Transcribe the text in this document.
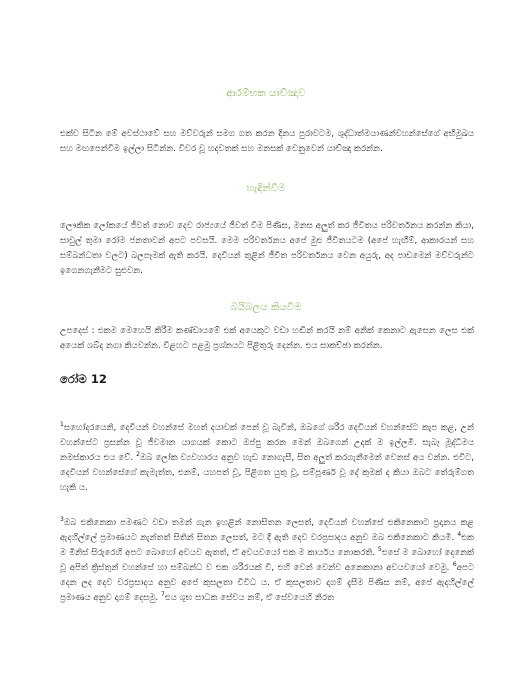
ආරම්භක යාච්ඤාව
එක්ව සිටින මේ අවස්ථාවේ සහ මව්වරුන් සමග ගත කරන දිනය පුරාවටම, ශුද්ධාත්මයාණන්වහන්සේගේ අභිමුඛය සහ මඟපෙන්වීම ඉල්ලා සිටින්න. විවර වූ හදවතක් සහ මනසක් වෙනුවෙන් යාච්ඤා කරන්න.
හැඳින්වීම
ලෞකික ලෝකයේ ජීවත් නොව දෙව රාජ්‍යයේ ජීවත් වීම පිණිස, මනස අලුත් කර ජීවිතය පරිවර්තනය කරන්න කියා, සාවුල් තුමා රෝම ජනතාවන් අපට පවසයි. මෙම පරිවර්තනය අපේ මුළු ජීවිතයටම (අපේ හැඟීම්, ආකාරයන් සහ සම්බන්ධතා වලට) බලපෑමක් ඇති කරයි. දෙවියන් තුළින් ජීවිත පරිවර්තනය වෙන අයුරු, අද පාඩමෙන් මව්වරුන්ට ඉගෙනගැනීමට සුළුවන.
බයිබලය කියවීම
උපදෙස් : එකම මෙහෙයි කිරීම කණ්ඩායමේ එක් අයෙකුට වඩා හඬින් කරයි නම් අනික් කෙනාට ඇසෙන ලෙස එක් අයෙක් ශබ්ද නගා කියවන්න. විළහට පළමු ප්‍රශ්නයට පිළිතුරු දෙන්න. එය සාකච්ඡා කරන්න.
රෝම 12
$^1$සහෝදරයෙනි, දෙවියන් වහන්සේ මහත් දයාවක් පෙන් වූ බැවින්, ඔබගේ ශරීර දෙවියන් වහන්සේට කැප කළ, උන් වහන්සේට ප්‍රසන්න වූ ජීවමාන යාගයක් කොට ඔප්පු කරන මෙන් ඔබගෙන් උදක් ම ඉල්ලමි. සැබෑ මූද්ධිමය නමස්කාරය එය වේ. $^2$ඔබ ලෝක ව්‍යවහාරය අනුව හැඩ නොගැසී, සිත අලුත් කරගැනීමෙන් වෙනස් අය වන්න. එවිට, දෙවියන් වහන්සේගේ කැමැත්ත, එනම්, යහපත් වූ, පිළිගත යුතු වූ, සම්පූර්ණ වූ දේ කුමක් ද කියා ඔබට තේරුම්ගත හැකි ය.
$^3$ඔබ එකිනෙකා පමණට වඩා තමන් ගැන ඉහළින් නොසිතන ලෙසත්, දෙවියන් වහන්සේ එකිනෙකාට ප්‍රදානය කළ ඇදහිල්ලේ ප්‍රමාණයට නැන්තත් සිතින් සිතන ලෙසත්, මට දී ඇති දෙව වරප්‍රසාදය අනුව ඔබ එකිනෙකාට කියමි. $^4$එක ම මිනිස් සිරුරෙහි අපට බොහෝ අවයව ඇතත්, ඒ අවයවයෝ එක ම කාර්යය නොකරති. $^5$එසේ ම බොහෝ දෙනෙක් වූ අපිත් ක්‍රිස්තුන් වහන්සේ හා සම්බන්ධ ව එක ශරීරයක් වී, එහි වෙන් වෙන්ව අනෙකානා අවයවයෝ වෙමු. $^6$අපට දෙන ලද දෙව වරප්‍රසාදය අනුව අපේ කුසලතා විවිධ ය. ඒ කුසලතාව දාගම් දැසීම පිණිස නම්, අපේ ඇදහිල්ලේ ප්‍රමාණය අනුව දාගම් දෙසමු. $^7$එය ශුභ සාධක සේවය නම්, ඒ සේවයෙහි නිරත
